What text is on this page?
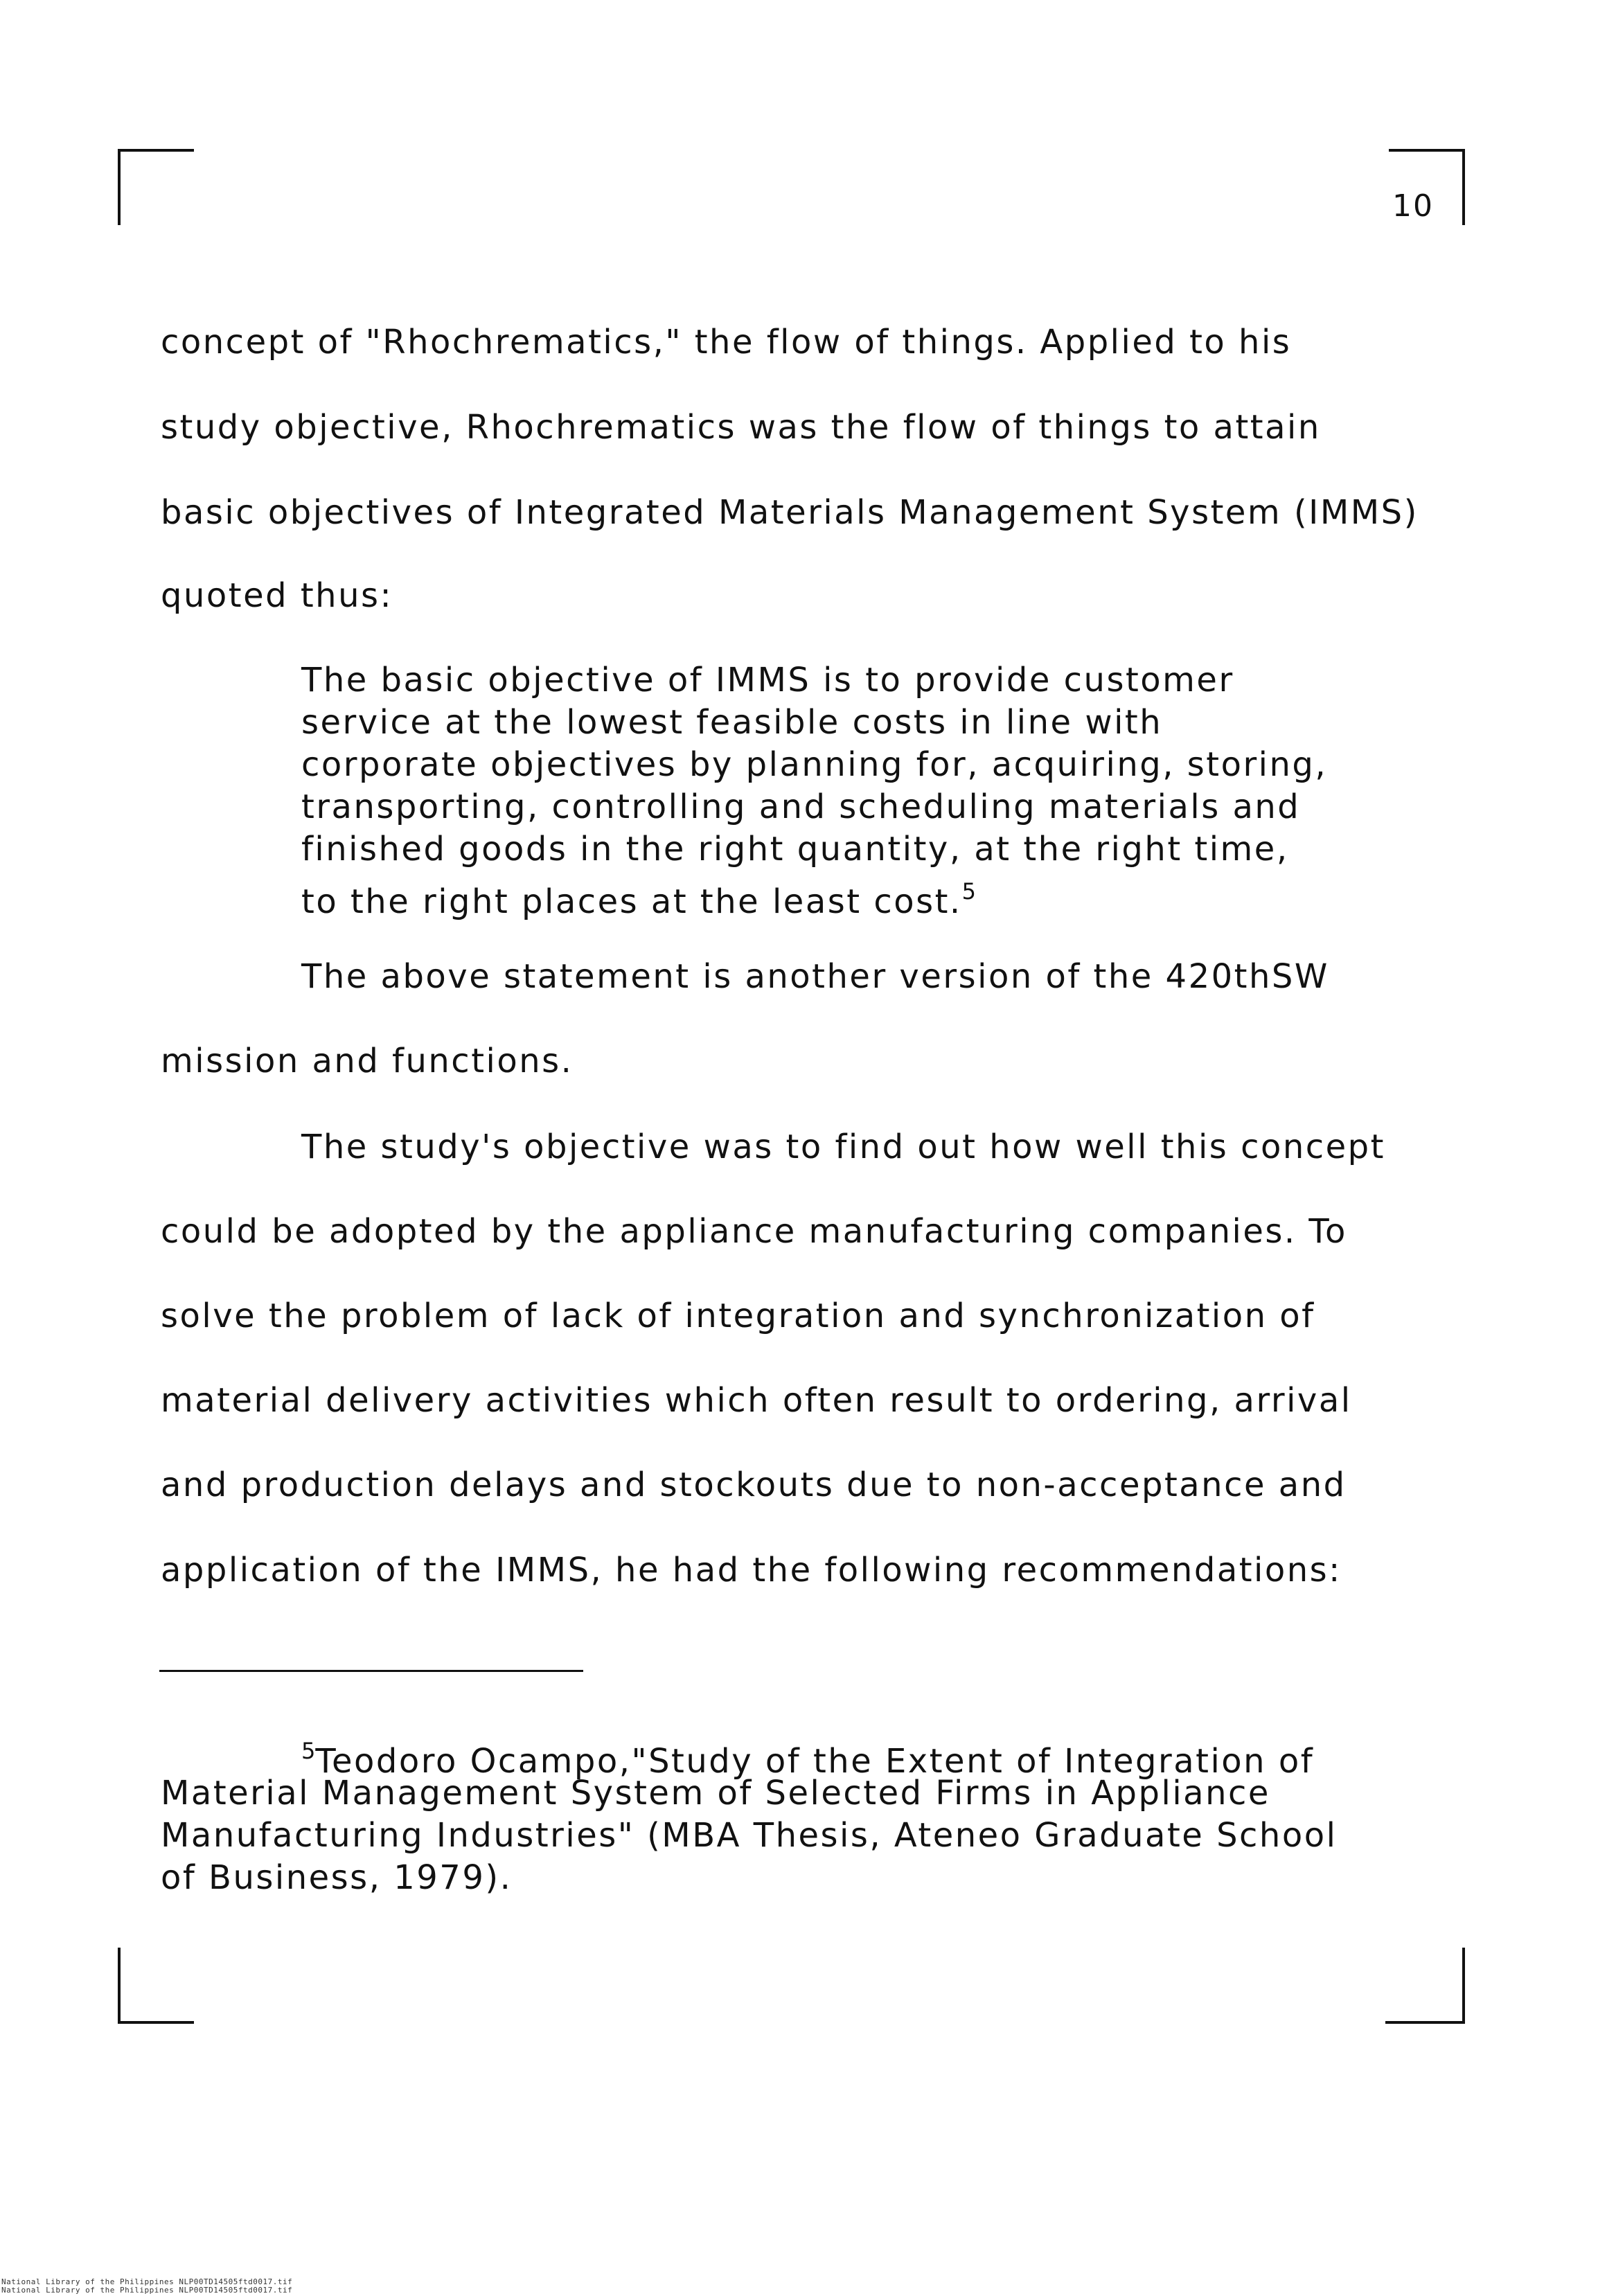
10
concept of "Rhochrematics," the flow of things. Applied to his
study objective, Rhochrematics was the flow of things to attain
basic objectives of Integrated Materials Management System (IMMS)
quoted thus:
The basic objective of IMMS is to provide customer
service at the lowest feasible costs in line with
corporate objectives by planning for, acquiring, storing,
transporting, controlling and scheduling materials and
finished goods in the right quantity, at the right time,
to the right places at the least cost.$^5$
The above statement is another version of the 420thSW
mission and functions.
The study's objective was to find out how well this concept
could be adopted by the appliance manufacturing companies. To
solve the problem of lack of integration and synchronization of
material delivery activities which often result to ordering, arrival
and production delays and stockouts due to non-acceptance and
application of the IMMS, he had the following recommendations:
$^5$Teodoro Ocampo,"Study of the Extent of Integration of
Material Management System of Selected Firms in Appliance
Manufacturing Industries" (MBA Thesis, Ateneo Graduate School
of Business, 1979).
National Library of the Philippines NLP00TD14505ftd0017.tif
National Library of the Philippines NLP00TD14505ftd0017.tif
